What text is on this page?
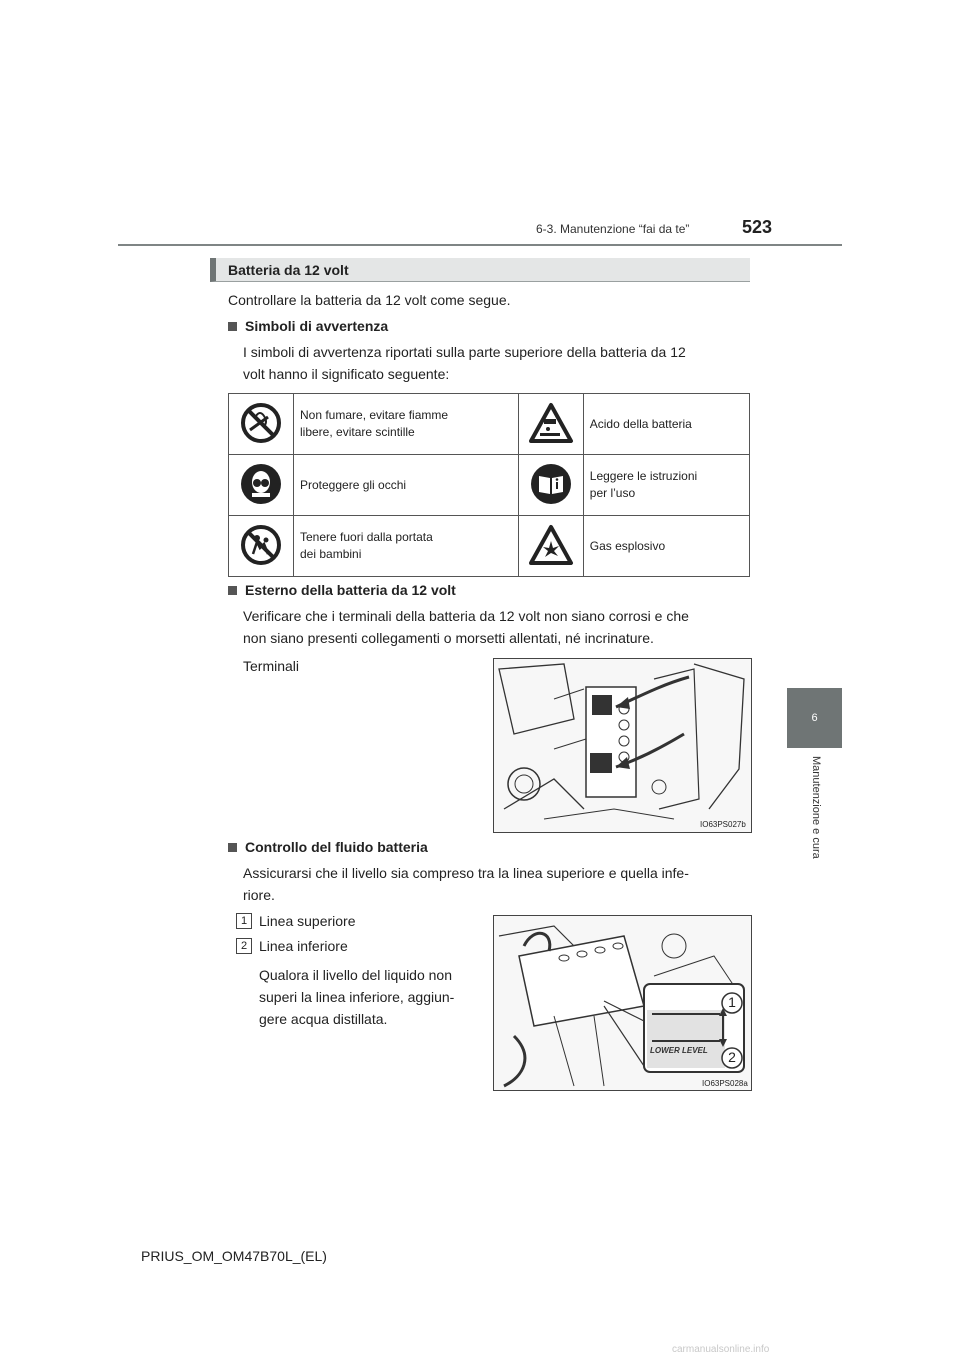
6-3. Manutenzione “fai da te”	523
6
Manutenzione e cura
Batteria da 12 volt
Controllare la batteria da 12 volt come segue.
Simboli di avvertenza
I simboli di avvertenza riportati sulla parte superiore della batteria da 12
volt hanno il significato seguente:
	Non fumare, evitare fiamme
libere, evitare scintille		Acido della batteria
	Proteggere gli occhi		Leggere le istruzioni
per l’uso
	Tenere fuori dalla portata
dei bambini		Gas esplosivo
Esterno della batteria da 12 volt
Verificare che i terminali della batteria da 12 volt non siano corrosi e che
non siano presenti collegamenti o morsetti allentati, né incrinature.
Terminali
IO63PS027b
Controllo del fluido batteria
Assicurarsi che il livello sia compreso tra la linea superiore e quella infe-
riore.
1 Linea superiore
2 Linea inferiore
Qualora il livello del liquido non
superi la linea inferiore, aggiun-
gere acqua distillata.
1
2
LOWER LEVEL
IO63PS028a
PRIUS_OM_OM47B70L_(EL)
carmanualsonline.info
